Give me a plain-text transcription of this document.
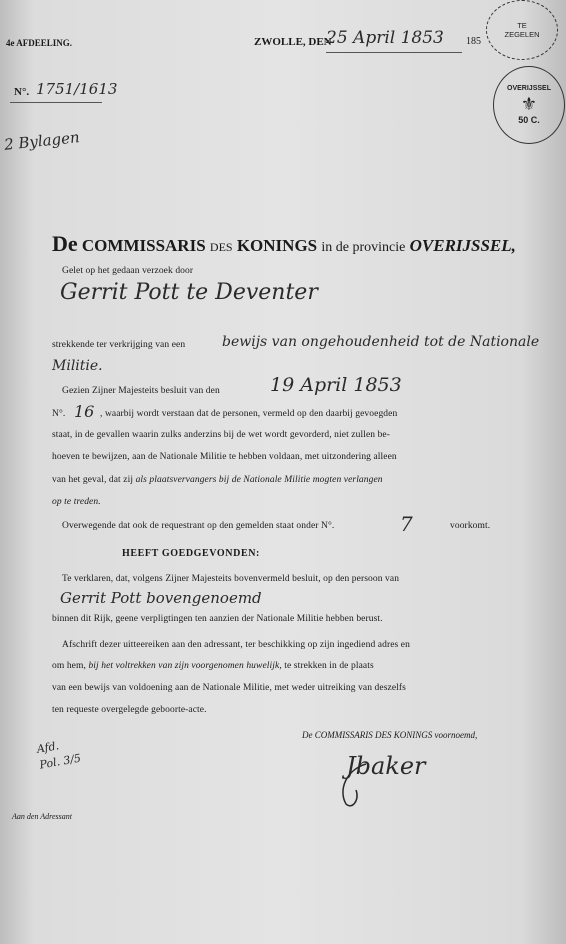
4e AFDEELING.	ZWOLLE, DEN
25 April 1853 185
N°. 1751/1613
2 Bylagen
TE ZEGELEN
OVERIJSSEL
⚜
50 C.
De COMMISSARIS DES KONINGS in de provincie OVERIJSSEL,
Gelet op het gedaan verzoek door
Gerrit Pott te Deventer
strekkende ter verkrijging van een	bewijs van ongehoudenheid tot de Nationale
Militie.
Gezien Zijner Majesteits besluit van den	19 April 1853
N°. 16 , waarbij wordt verstaan dat de personen, vermeld op den daarbij gevoegden
staat, in de gevallen waarin zulks anderzins bij de wet wordt gevorderd, niet zullen be-
hoeven te bewijzen, aan de Nationale Militie te hebben voldaan, met uitzondering alleen
van het geval, dat zij als plaatsvervangers bij de Nationale Militie mogten verlangen
op te treden.
Overwegende dat ook de requestrant op den gemelden staat onder N°.	7	voorkomt.
HEEFT GOEDGEVONDEN:
Te verklaren, dat, volgens Zijner Majesteits bovenvermeld besluit, op den persoon van
Gerrit Pott bovengenoemd
binnen dit Rijk, geene verpligtingen ten aanzien der Nationale Militie hebben berust.
Afschrift dezer uitteereiken aan den adressant, ter beschikking op zijn ingediend adres en
om hem, bij het voltrekken van zijn voorgenomen huwelijk, te strekken in de plaats
van een bewijs van voldoening aan de Nationale Militie, met weder uitreiking van deszelfs
ten requeste overgelegde geboorte-acte.
De COMMISSARIS DES KONINGS voornoemd,
Jbaker
Afd. Pol. 3/5
Aan den Adressant
